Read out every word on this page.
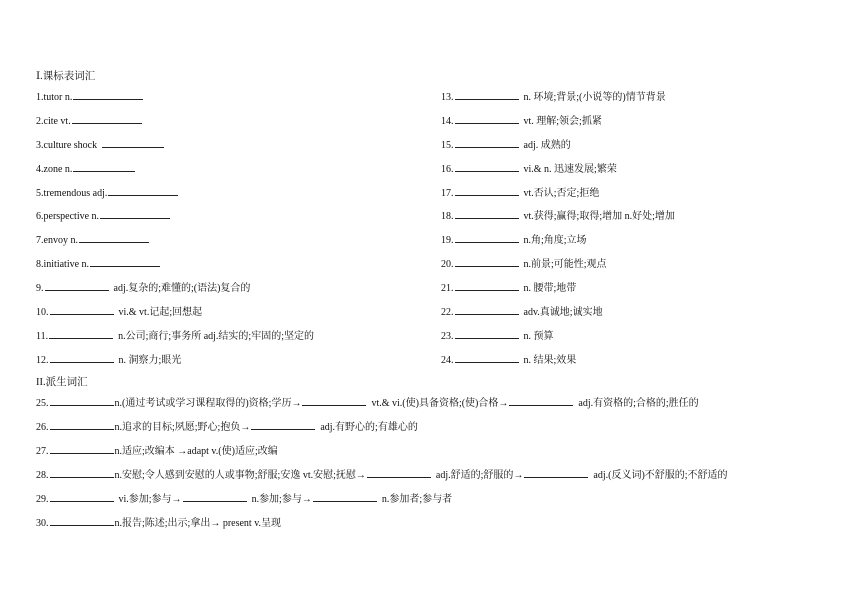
Ⅰ.课标表词汇
1.tutor n.
2.cite vt.
3.culture shock
4.zone n.
5.tremendous adj.
6.perspective n.
7.envoy n.
8.initiative n.
9.	adj.复杂的;难懂的;(语法)复合的
10.	vi.& vt.记起;回想起
11.	n.公司;商行;事务所 adj.结实的;牢固的;坚定的
12.	n. 洞察力;眼光
13.	n. 环境;背景;(小说等的)情节背景
14.	vt. 理解;领会;抓紧
15.	adj. 成熟的
16.	vi.& n. 迅速发展;繁荣
17.	vt.否认;否定;拒绝
18.	vt.获得;赢得;取得;增加 n.好处;增加
19.	n.角;角度;立场
20.	n.前景;可能性;观点
21.	n. 腰带;地带
22.	adv.真诚地;诚实地
23.	n. 预算
24.	n. 结果;效果
II.派生词汇
25.	n.(通过考试或学习课程取得的)资格;学历→	vt.& vi.(使)具备资格;(使)合格→	adj.有资格的;合格的;胜任的
26.	n.追求的目标;夙愿;野心;抱负→	adj.有野心的;有雄心的
27.	n.适应;改编本 →adapt v.(使)适应;改编
28.	n.安慰;令人感到安慰的人或事物;舒服;安逸 vt.安慰;抚慰→	adj.舒适的;舒服的→	adj.(反义词)不舒服的;不舒适的
29.	vi.参加;参与→	n.参加;参与→	n.参加者;参与者
30.	n.报告;陈述;出示;拿出→ present v.呈现
